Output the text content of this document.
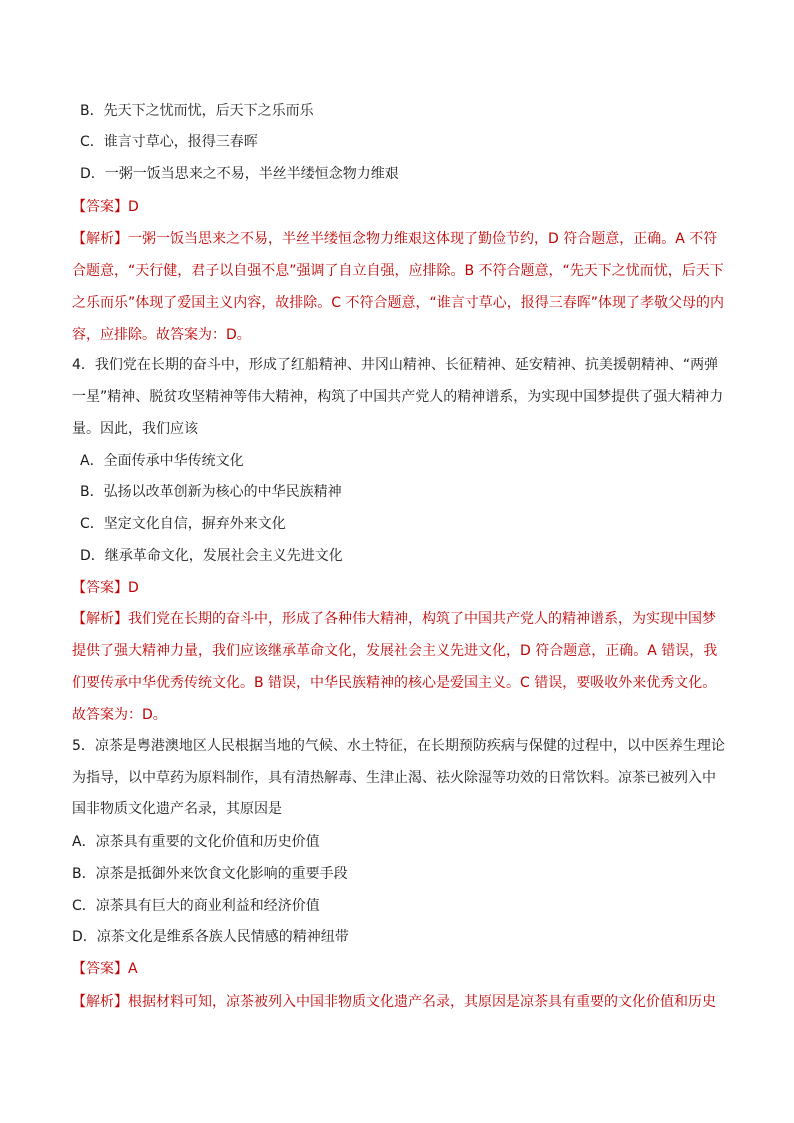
B．先天下之忧而忧，后天下之乐而乐
C．谁言寸草心，报得三春晖
D．一粥一饭当思来之不易，半丝半缕恒念物力维艰
【答案】D
【解析】一粥一饭当思来之不易，半丝半缕恒念物力维艰这体现了勤俭节约，D 符合题意，正确。A 不符
合题意，“天行健，君子以自强不息”强调了自立自强，应排除。B 不符合题意，“先天下之忧而忧，后天下
之乐而乐”体现了爱国主义内容，故排除。C 不符合题意，“谁言寸草心，报得三春晖”体现了孝敬父母的内
容，应排除。故答案为：D。
4．我们党在长期的奋斗中，形成了红船精神、井冈山精神、长征精神、延安精神、抗美援朝精神、“两弹
一星”精神、脱贫攻坚精神等伟大精神，构筑了中国共产党人的精神谱系，为实现中国梦提供了强大精神力
量。因此，我们应该
A．全面传承中华传统文化
B．弘扬以改革创新为核心的中华民族精神
C．坚定文化自信，摒弃外来文化
D．继承革命文化，发展社会主义先进文化
【答案】D
【解析】我们党在长期的奋斗中，形成了各种伟大精神，构筑了中国共产党人的精神谱系，为实现中国梦
提供了强大精神力量，我们应该继承革命文化，发展社会主义先进文化，D 符合题意，正确。A 错误，我
们要传承中华优秀传统文化。B 错误，中华民族精神的核心是爱国主义。C 错误，要吸收外来优秀文化。
故答案为：D。
5．凉茶是粤港澳地区人民根据当地的气候、水土特征，在长期预防疾病与保健的过程中，以中医养生理论
为指导，以中草药为原料制作，具有清热解毒、生津止渴、祛火除湿等功效的日常饮料。凉茶已被列入中
国非物质文化遗产名录，其原因是
A．凉茶具有重要的文化价值和历史价值
B．凉茶是抵御外来饮食文化影响的重要手段
C．凉茶具有巨大的商业利益和经济价值
D．凉茶文化是维系各族人民情感的精神纽带
【答案】A
【解析】根据材料可知，凉茶被列入中国非物质文化遗产名录，其原因是凉茶具有重要的文化价值和历史
